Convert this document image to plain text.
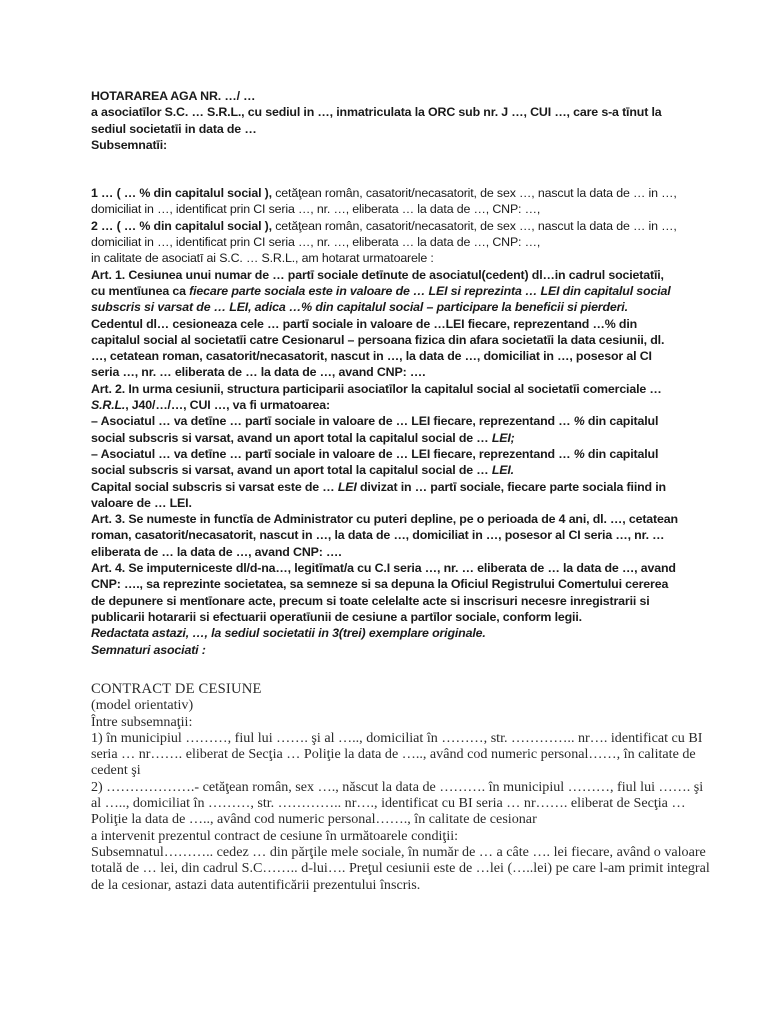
HOTARAREA AGA NR. …/ …

a asociatīlor S.C. … S.R.L., cu sediul in …, inmatriculata la ORC sub nr. J …, CUI …, care s-a tīnut la sediul societatīi in data de …

Subsemnatīi:

1 … ( … % din capitalul social ), cetăţean român, casatorit/necasatorit, de sex …, nascut la data de … in …, domiciliat in …, identificat prin CI seria …, nr. …, eliberata … la data de …, CNP: …,

2 … ( … % din capitalul social ), cetăţean român, casatorit/necasatorit, de sex …, nascut la data de … in …, domiciliat in …, identificat prin CI seria …, nr. …, eliberata … la data de …, CNP: …,

in calitate de asociatī ai S.C. … S.R.L., am hotarat urmatoarele :

Art. 1. Cesiunea unui numar de … partī sociale detīnute de asociatul(cedent) dl…in cadrul societatīi, cu mentīunea ca fiecare parte sociala este in valoare de … LEI si reprezinta … LEI din capitalul social subscris si varsat de … LEI, adica …% din capitalul social – participare la beneficii si pierderi.

Cedentul dl… cesioneaza cele … partī sociale in valoare de …LEI fiecare, reprezentand …% din capitalul social al societatīi catre Cesionarul – persoana fizica din afara societatīi la data cesiunii, dl. …, cetatean roman, casatorit/necasatorit, nascut in …, la data de …, domiciliat in …, posesor al CI seria …, nr. … eliberata de … la data de …, avand CNP: ….

Art. 2. In urma cesiunii, structura participarii asociatīlor la capitalul social al societatīi comerciale … S.R.L., J40/…/…, CUI …, va fi urmatoarea:

– Asociatul … va detīne … partī sociale in valoare de … LEI fiecare, reprezentand … % din capitalul social subscris si varsat, avand un aport total la capitalul social de … LEI;

– Asociatul … va detīne … partī sociale in valoare de … LEI fiecare, reprezentand … % din capitalul social subscris si varsat, avand un aport total la capitalul social de … LEI.

Capital social subscris si varsat este de … LEI divizat in … partī sociale, fiecare parte sociala fiind in valoare de … LEI.

Art. 3. Se numeste in functīa de Administrator cu puteri depline, pe o perioada de 4 ani, dl. …, cetatean roman, casatorit/necasatorit, nascut in …, la data de …, domiciliat in …, posesor al CI seria …, nr. … eliberata de … la data de …, avand CNP: ….

Art. 4. Se imputerniceste dl/d-na…, legitīmat/a cu C.I seria …, nr. … eliberata de … la data de …, avand CNP: …., sa reprezinte societatea, sa semneze si sa depuna la Oficiul Registrului Comertului cererea de depunere si mentīonare acte, precum si toate celelalte acte si inscrisuri necesre inregistrarii si publicarii hotararii si efectuarii operatīunii de cesiune a partīlor sociale, conform legii.

Redactata astazi, …, la sediul societatii in 3(trei) exemplare originale.

Semnaturi asociati :

CONTRACT DE CESIUNE

(model orientativ)

Între subsemnaţii:

1) în municipiul ………, fiul lui ……. şi al ….., domiciliat în ………, str. ………….. nr…. identificat cu BI seria … nr……. eliberat de Secţia … Poliţie la data de ….., având cod numeric personal……, în calitate de cedent şi

2) ……………….- cetăţean român, sex …., născut la data de ………. în municipiul ………, fiul lui ……. şi al ….., domiciliat în ………, str. ………….. nr…., identificat cu BI seria … nr……. eliberat de Secţia … Poliţie la data de ….., având cod numeric personal……., în calitate de cesionar

a intervenit prezentul contract de cesiune în următoarele condiţii:

Subsemnatul……….. cedez … din părţile mele sociale, în număr de … a câte …. lei fiecare, având o valoare totală de … lei, din cadrul S.C…….. d-lui…. Preţul cesiunii este de …lei (…..lei) pe care l-am primit integral de la cesionar, astazi data autentificării prezentului înscris.
